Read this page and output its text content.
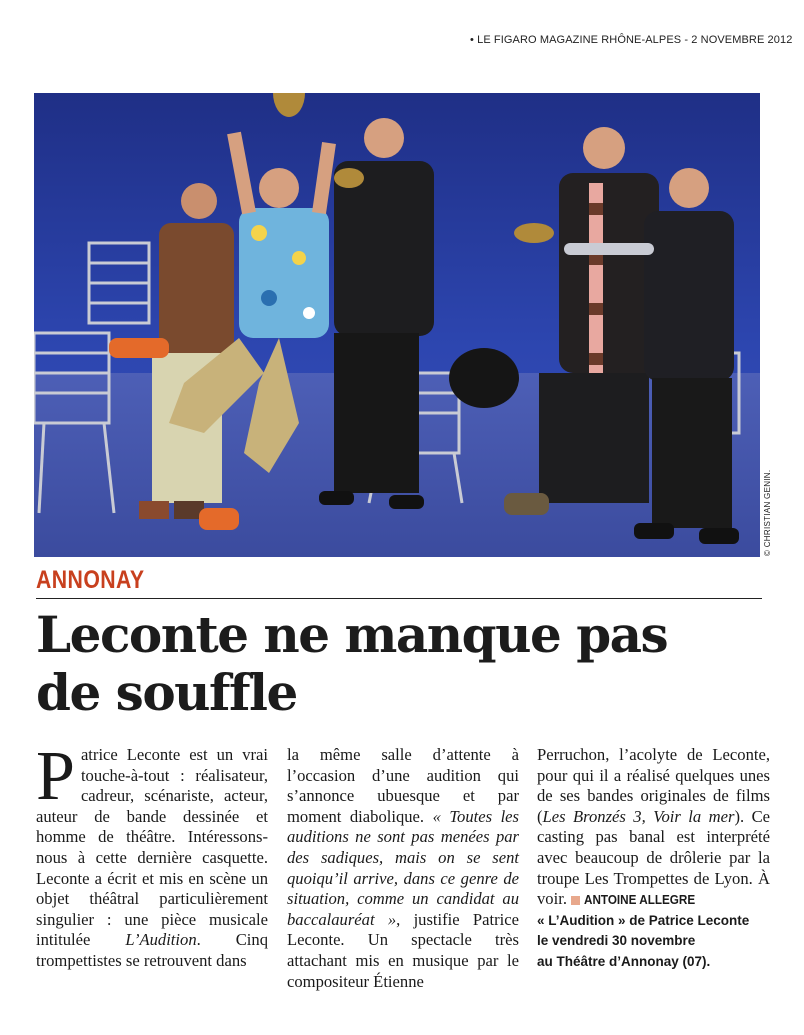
• LE FIGARO MAGAZINE RHÔNE-ALPES - 2 NOVEMBRE 2012
© CHRISTIAN GENIN.
ANNONAY
Leconte ne manque pas
de souffle
Patrice Leconte est un vrai touche-à-tout : réalisateur, cadreur, scénariste, acteur, auteur de bande dessinée et homme de théâtre. Intéressons-nous à cette dernière casquette. Leconte a écrit et mis en scène un objet théâtral particulièrement singulier : une pièce musicale intitulée L’Audition. Cinq trompettistes se retrouvent dans
la même salle d’attente à l’occasion d’une audition qui s’annonce ubuesque et par moment diabolique. « Toutes les auditions ne sont pas menées par des sadiques, mais on se sent quoiqu’il arrive, dans ce genre de situation, comme un candidat au baccalauréat », justifie Patrice Leconte. Un spectacle très attachant mis en musique par le compositeur Étienne
Perruchon, l’acolyte de Leconte, pour qui il a réalisé quelques unes de ses bandes originales de films (Les Bronzés 3, Voir la mer). Ce casting pas banal est interprété avec beaucoup de drôlerie par la troupe Les Trompettes de Lyon. À voir. ANTOINE ALLEGRE
« L’Audition » de Patrice Leconte
le vendredi 30 novembre
au Théâtre d’Annonay (07).
